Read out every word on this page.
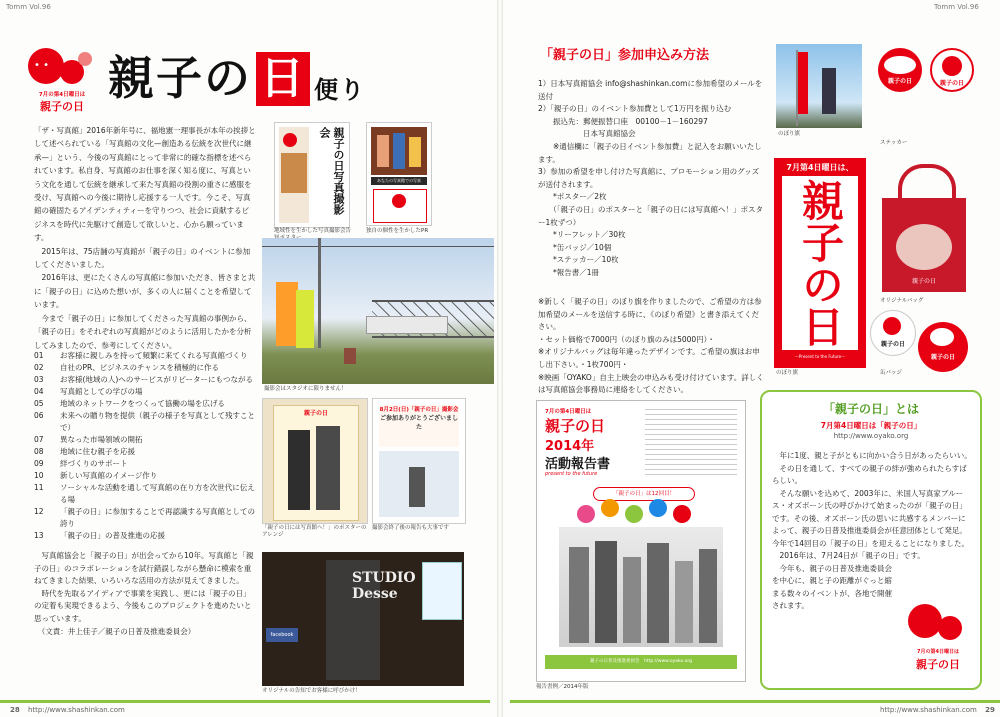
Tomm Vol.96	Tomm Vol.96
• •
7月の第4日曜日は
親子の日
親子の 日 便り

「ザ・写真館」2016年新年号に、福地憲一理事長が本年の挨拶として述べられている「写真館の文化—創造ある伝統を次世代に継承—」という、今後の写真館にとって非常に的確な指標を述べられています。私自身、写真館のお仕事を深く知る度に、写真という文化を通して伝統を継承して来た写真館の役割の重さに感服を受け、写真館への今後に期待し応援する一人です。今こそ、写真館の確固たるアイデンティティーを守りつつ、社会に貢献するビジネスを時代に先駆けて創造して欲しいと、心から願っています。

　2015年は、75店舗の写真館が「親子の日」のイベントに参加してくださいました。

　2016年は、更にたくさんの写真館に参加いただき、皆さまと共に「親子の日」に込めた想いが、多くの人に届くことを希望しています。

　今まで「親子の日」に参加してくださった写真館の事例から、「親子の日」をそれぞれの写真館がどのように活用したかを分析してみましたので、参考にしてください。

01	お客様に親しみを持って頻繁に来てくれる写真館づくり
02	自社のPR、ビジネスのチャンスを積極的に作る
03	お客様(地域の人)へのサービスがリピーターにもつながる
04	写真館としての学びの場
05	地域のネットワークをつくって協働の場を広げる
06	未来への贈り物を提供（親子の様子を写真として残すことで）
07	異なった市場領域の開拓
08	地域に住む親子を応援
09	絆づくりのサポート
10	新しい写真館のイメージ作り
11	ソーシャルな活動を通して写真館の在り方を次世代に伝える場
12	「親子の日」に参加することで再認識する写真館としての誇り
13	「親子の日」の普及推進の応援

　写真館協会と「親子の日」が出会ってから10年。写真館と「親子の日」のコラボレーションを試行錯誤しながら懸命に模索を重ねてきました結果、いろいろな活用の方法が見えてきました。

　時代を先取るアイディアで事業を実践し、更には「親子の日」の定着も実現できるよう、今後もこのプロジェクトを進めたいと思っています。

　（文責：井上佳子／親子の日普及推進委員会）

親子の日写真撮影会
地域性を生かした写真撮影会告
あなたの写真館での写真
独自の個性を生かしたPR
撮影会はスタジオに限りません！
親子の日
「親子の日には写真館へ！」のポスターのアレンジ
8月2日(日)「親子の日」撮影会
ご参加ありがとうございました
撮影会終了後の報告も大事です
STUDIO Desse
facebook
オリジナルの告知でお客様に呼びかけ！
28 http://www.shashinkan.com
「親子の日」参加申込み方法

1）日本写真館協会 info@shashinkan.comに参加希望のメールを送付

2）「親子の日」のイベント参加費として1万円を振り込む

　　振込先：郵便振替口座　00100－1－160297

　　　　　　日本写真館協会

　　※通信欄に「親子の日イベント参加費」と記入をお願いいたします。

3）参加の希望を申し付けた写真館に、プロモーション用のグッズが送付されます。

　　*ポスター／2枚

　　（「親子の日」のポスターと「親子の日には写真館へ！」ポスター1枚ずつ）

　　*リーフレット／30枚

　　*缶バッジ／10個

　　*ステッカー／10枚

　　*報告書／1冊

※新しく「親子の日」のぼり旗を作りましたので、ご希望の方は参加希望のメールを送信する時に、《のぼり希望》と書き添えてください。

・セット価格で7000円（のぼり旗のみは5000円）・

※オリジナルバッグは毎年違ったデザインです。ご希望の旗はお申し出下さい。・1枚700円・

※映画「OYAKO」自主上映会の申込みも受け付けています。詳しくは写真館協会事務局に連絡をしてください。

のぼり旗
親子の日	親子の日
ステッカー
7月第4日曜日は、
親子の日
～Present to the Future～
のぼり旗
親子の日
オリジナルバッグ
親子の日
親子の日
缶バッジ
7月の第4日曜日は
親子の日
2014年
活動報告書
present to the future
「親子の日」は12回目！
親子の日普及推進委員会　http://www.oyako.org
報告書例／2014年版
「親子の日」とは
7月第4日曜日は「親子の日」
http://www.oyako.org

　年に1度、親と子がともに向かい合う日があったらいい。

　その日を通して、すべての親子の絆が強められたらすばらしい。

　そんな願いを込めて、2003年に、米国人写真家ブルース・オズボーン氏の呼びかけて始まったのが「親子の日」です。その後、オズボーン氏の思いに共感するメンバーによって、親子の日普及推進委員会が任意団体として発足。今年で14回目の「親子の日」を迎えることになりました。

　2016年は、7月24日が「親子の日」です。

　今年も、親子の日普及推進委員会を中心に、親と子の距離がぐっと縮まる数々のイベントが、各地で開催されます。

7月の第4日曜日は
親子の日
http://www.shashinkan.com 29
